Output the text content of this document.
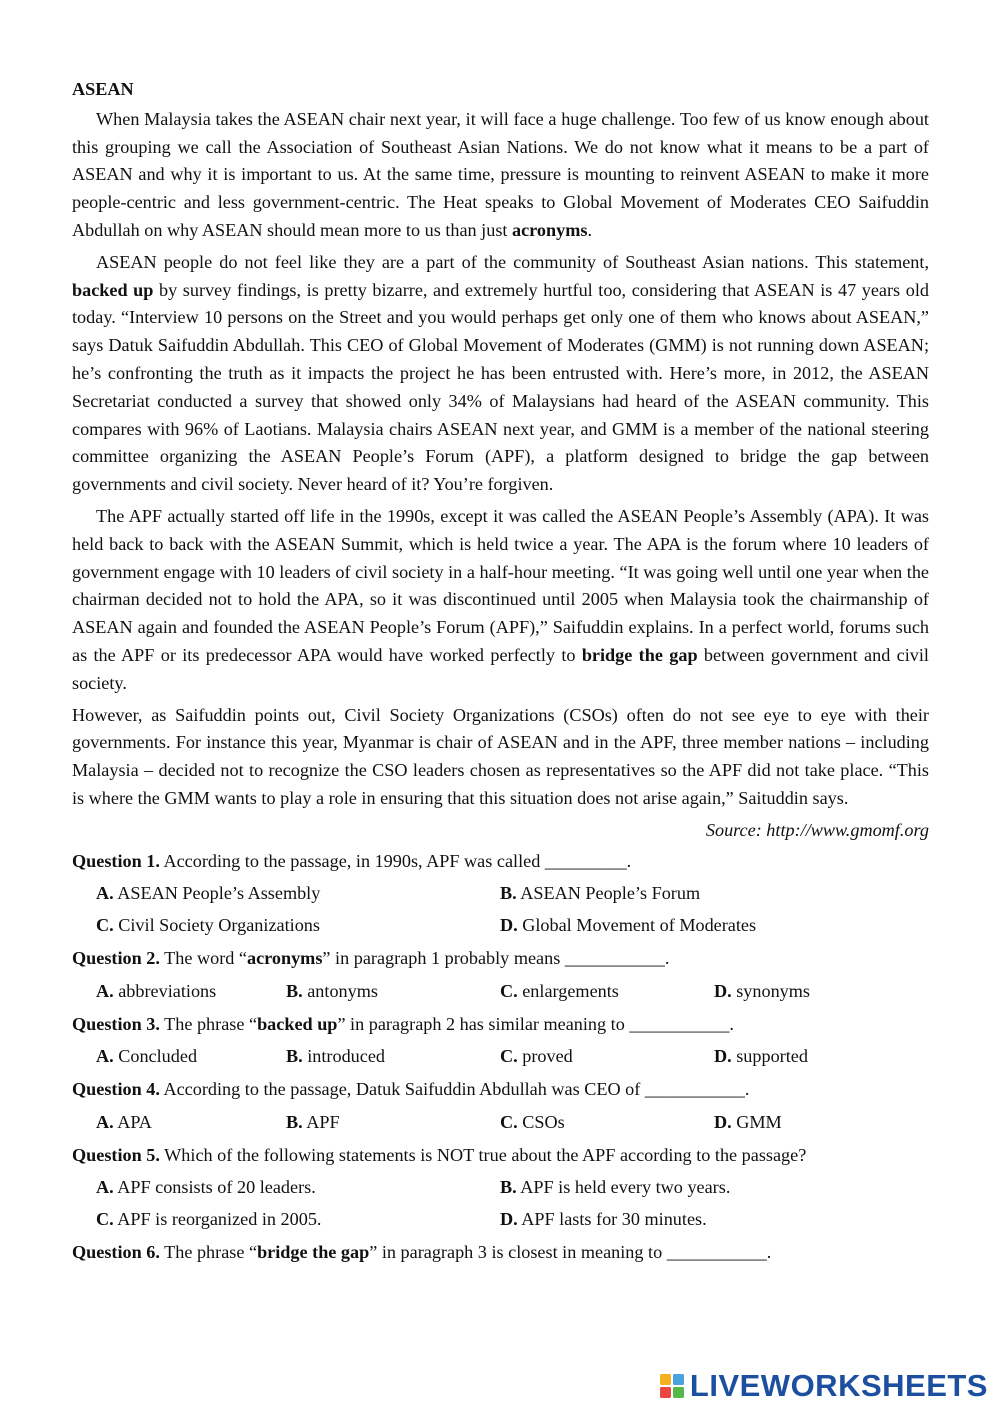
ASEAN

When Malaysia takes the ASEAN chair next year, it will face a huge challenge. Too few of us know enough about this grouping we call the Association of Southeast Asian Nations. We do not know what it means to be a part of ASEAN and why it is important to us. At the same time, pressure is mounting to reinvent ASEAN to make it more people-centric and less government-centric. The Heat speaks to Global Movement of Moderates CEO Saifuddin Abdullah on why ASEAN should mean more to us than just acronyms.

ASEAN people do not feel like they are a part of the community of Southeast Asian nations. This statement, backed up by survey findings, is pretty bizarre, and extremely hurtful too, considering that ASEAN is 47 years old today. “Interview 10 persons on the Street and you would perhaps get only one of them who knows about ASEAN,” says Datuk Saifuddin Abdullah. This CEO of Global Movement of Moderates (GMM) is not running down ASEAN; he’s confronting the truth as it impacts the project he has been entrusted with. Here’s more, in 2012, the ASEAN Secretariat conducted a survey that showed only 34% of Malaysians had heard of the ASEAN community. This compares with 96% of Laotians. Malaysia chairs ASEAN next year, and GMM is a member of the national steering committee organizing the ASEAN People’s Forum (APF), a platform designed to bridge the gap between governments and civil society. Never heard of it? You’re forgiven.

The APF actually started off life in the 1990s, except it was called the ASEAN People’s Assembly (APA). It was held back to back with the ASEAN Summit, which is held twice a year. The APA is the forum where 10 leaders of government engage with 10 leaders of civil society in a half-hour meeting. “It was going well until one year when the chairman decided not to hold the APA, so it was discontinued until 2005 when Malaysia took the chairmanship of ASEAN again and founded the ASEAN People’s Forum (APF),” Saifuddin explains. In a perfect world, forums such as the APF or its predecessor APA would have worked perfectly to bridge the gap between government and civil society.

However, as Saifuddin points out, Civil Society Organizations (CSOs) often do not see eye to eye with their governments. For instance this year, Myanmar is chair of ASEAN and in the APF, three member nations – including Malaysia – decided not to recognize the CSO leaders chosen as representatives so the APF did not take place. “This is where the GMM wants to play a role in ensuring that this situation does not arise again,” Saituddin says.

Source: http://www.gmomf.org
Question 1. According to the passage, in 1990s, APF was called _________.
A. ASEAN People’s Assembly	B. ASEAN People’s Forum
C. Civil Society Organizations	D. Global Movement of Moderates
Question 2. The word “acronyms” in paragraph 1 probably means ___________.
A. abbreviations	B. antonyms	C. enlargements	D. synonyms
Question 3. The phrase “backed up” in paragraph 2 has similar meaning to ___________.
A. Concluded	B. introduced	C. proved	D. supported
Question 4. According to the passage, Datuk Saifuddin Abdullah was CEO of ___________.
A. APA	B. APF	C. CSOs	D. GMM
Question 5. Which of the following statements is NOT true about the APF according to the passage?
A. APF consists of 20 leaders.	B. APF is held every two years.
C. APF is reorganized in 2005.	D. APF lasts for 30 minutes.
Question 6. The phrase “bridge the gap” in paragraph 3 is closest in meaning to ___________.
LIVEWORKSHEETS
